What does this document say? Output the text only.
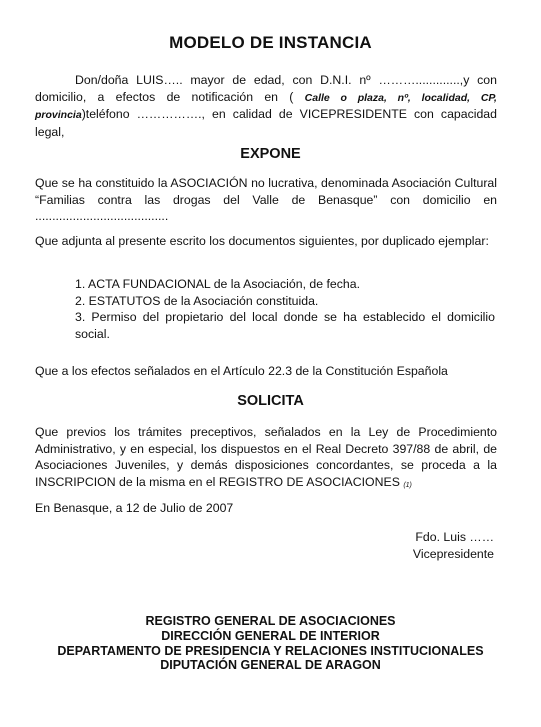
MODELO DE INSTANCIA
Don/doña LUIS….. mayor de edad, con D.N.I. nº ……….............,y con domicilio, a efectos de notificación en ( Calle o plaza, nº, localidad, CP, provincia)teléfono ……………., en calidad de VICEPRESIDENTE con capacidad legal,
EXPONE
Que se ha constituido la ASOCIACIÓN no lucrativa, denominada Asociación Cultural “Familias contra las drogas del Valle de Benasque” con domicilio en .......................................
Que adjunta al presente escrito los documentos siguientes, por duplicado ejemplar:
1. ACTA FUNDACIONAL de la Asociación, de fecha.
2. ESTATUTOS de la Asociación constituida.
3. Permiso del propietario del local donde se ha establecido el domicilio social.
Que a los efectos señalados en el Artículo 22.3 de la Constitución Española
SOLICITA
Que previos los trámites preceptivos, señalados en la Ley de Procedimiento Administrativo, y en especial, los dispuestos en el Real Decreto 397/88 de abril, de Asociaciones Juveniles, y demás disposiciones concordantes, se proceda a la INSCRIPCION de la misma en el REGISTRO DE ASOCIACIONES (1)
En Benasque, a 12 de Julio de 2007
Fdo. Luis ……
Vicepresidente
REGISTRO GENERAL DE ASOCIACIONES
DIRECCIÓN GENERAL DE INTERIOR
DEPARTAMENTO DE PRESIDENCIA Y RELACIONES INSTITUCIONALES
DIPUTACIÓN GENERAL DE ARAGON
